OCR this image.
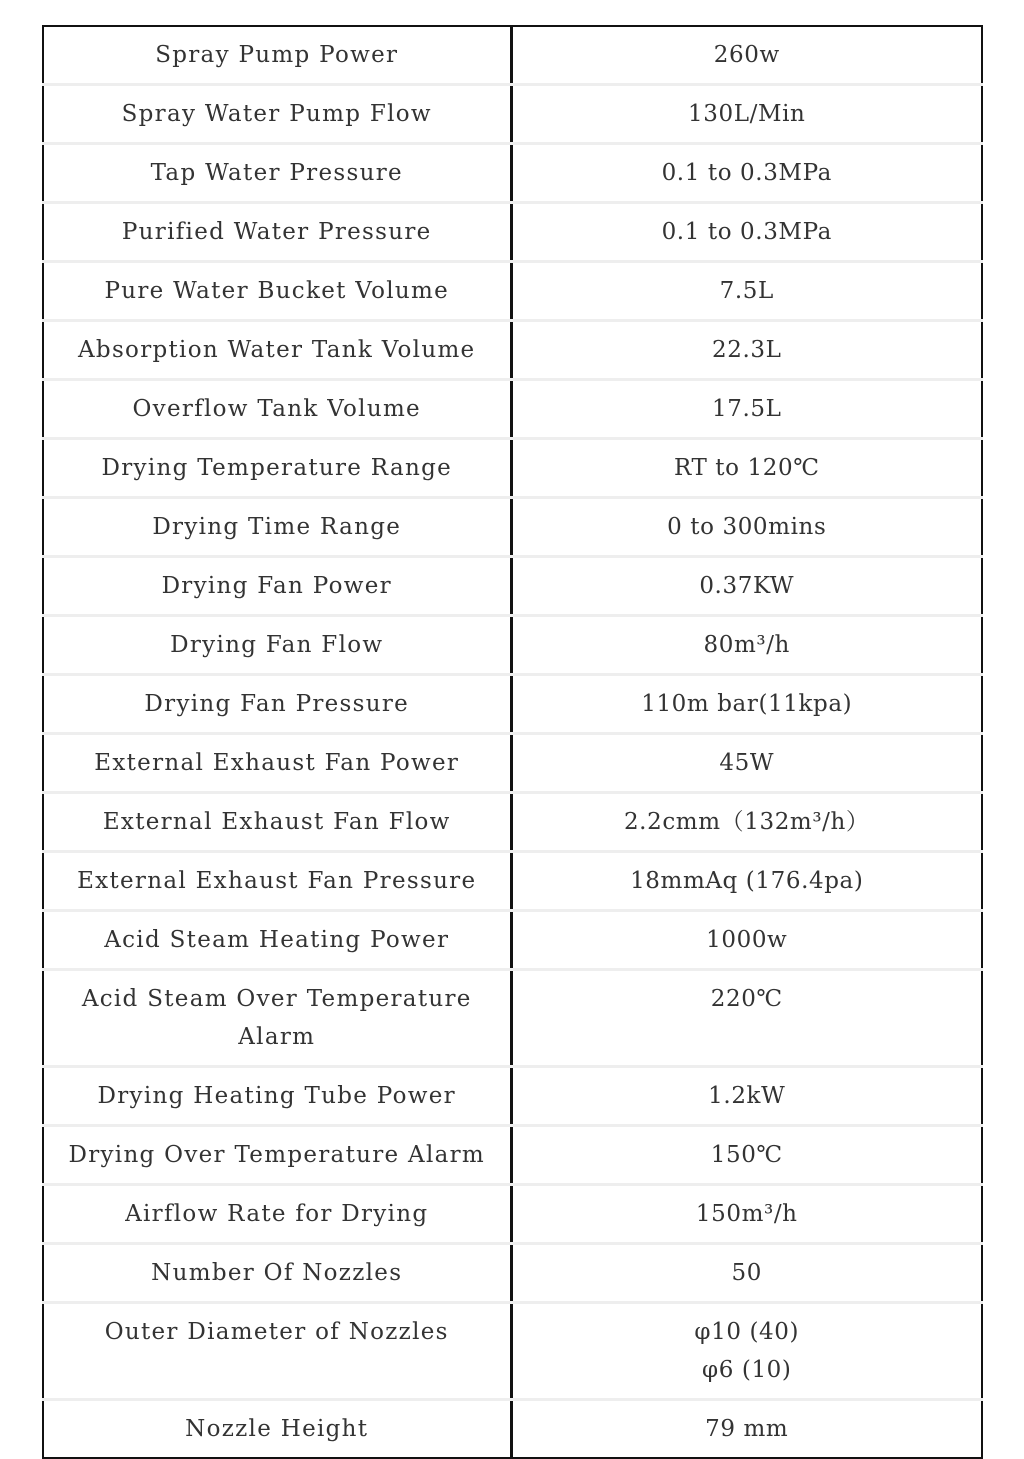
Spray Pump Power	260w
Spray Water Pump Flow	130L/Min
Tap Water Pressure	0.1 to 0.3MPa
Purified Water Pressure	0.1 to 0.3MPa
Pure Water Bucket Volume	7.5L
Absorption Water Tank Volume	22.3L
Overflow Tank Volume	17.5L
Drying Temperature Range	RT to 120℃
Drying Time Range	0 to 300mins
Drying Fan Power	0.37KW
Drying Fan Flow	80m³/h
Drying Fan Pressure	110m bar(11kpa)
External Exhaust Fan Power	45W
External Exhaust Fan Flow	2.2cmm（132m³/h）
External Exhaust Fan Pressure	18mmAq (176.4pa)
Acid Steam Heating Power	1000w
Acid Steam Over Temperature Alarm	220℃
Drying Heating Tube Power	1.2kW
Drying Over Temperature Alarm	150℃
Airflow Rate for Drying	150m³/h
Number Of Nozzles	50
Outer Diameter of Nozzles	φ10 (40)
φ6 (10)
Nozzle Height	79 mm
